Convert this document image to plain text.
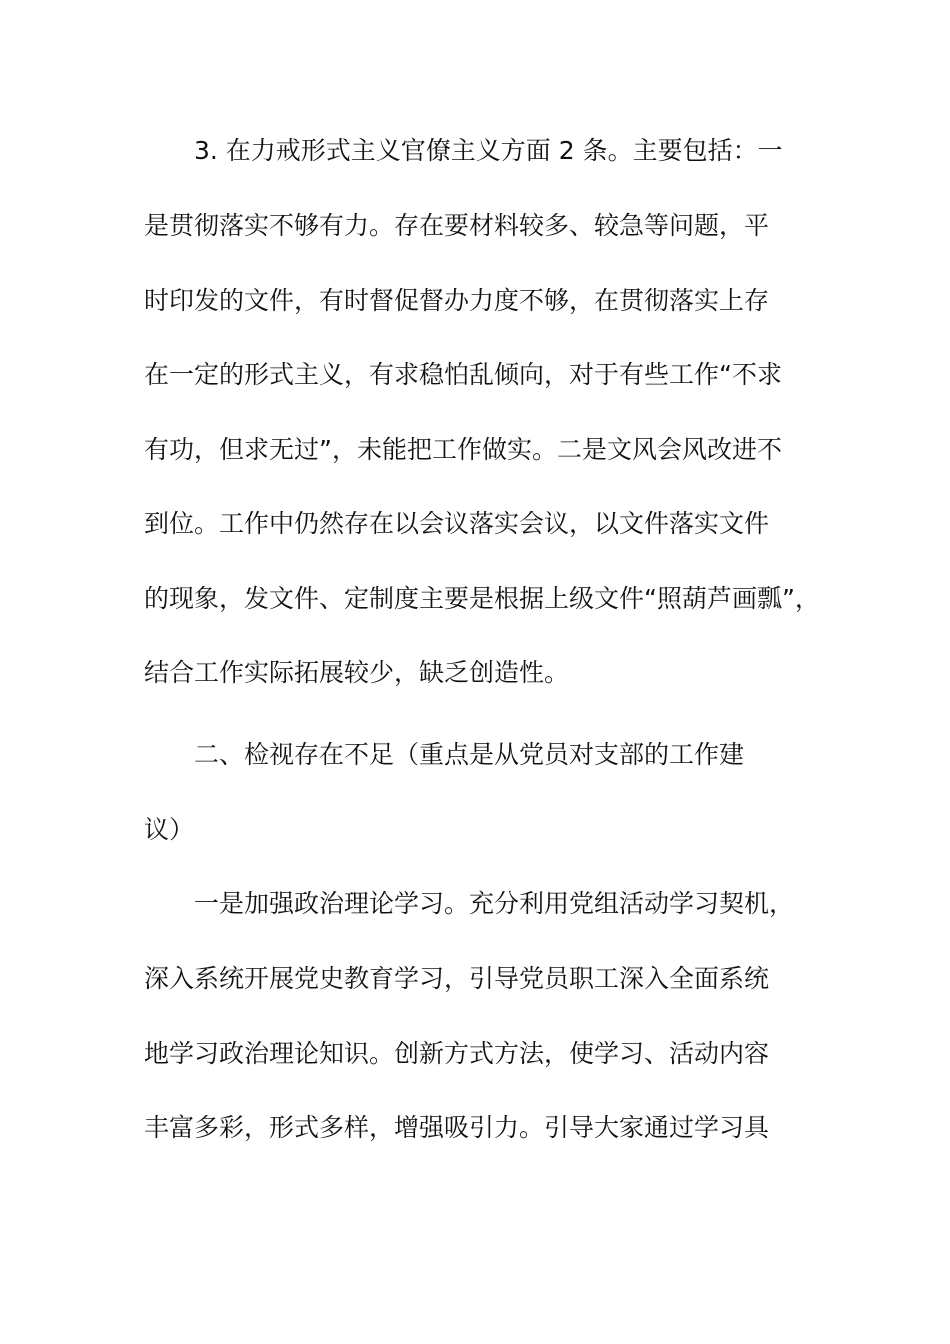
3. 在力戒形式主义官僚主义方面 2 条。主要包括：一
是贯彻落实不够有力。存在要材料较多、较急等问题，平
时印发的文件，有时督促督办力度不够，在贯彻落实上存
在一定的形式主义，有求稳怕乱倾向，对于有些工作“不求
有功，但求无过”，未能把工作做实。二是文风会风改进不
到位。工作中仍然存在以会议落实会议，以文件落实文件
的现象，发文件、定制度主要是根据上级文件“照葫芦画瓢”，
结合工作实际拓展较少，缺乏创造性。
二、检视存在不足（重点是从党员对支部的工作建
议）
一是加强政治理论学习。充分利用党组活动学习契机，
深入系统开展党史教育学习，引导党员职工深入全面系统
地学习政治理论知识。创新方式方法，使学习、活动内容
丰富多彩，形式多样，增强吸引力。引导大家通过学习具
